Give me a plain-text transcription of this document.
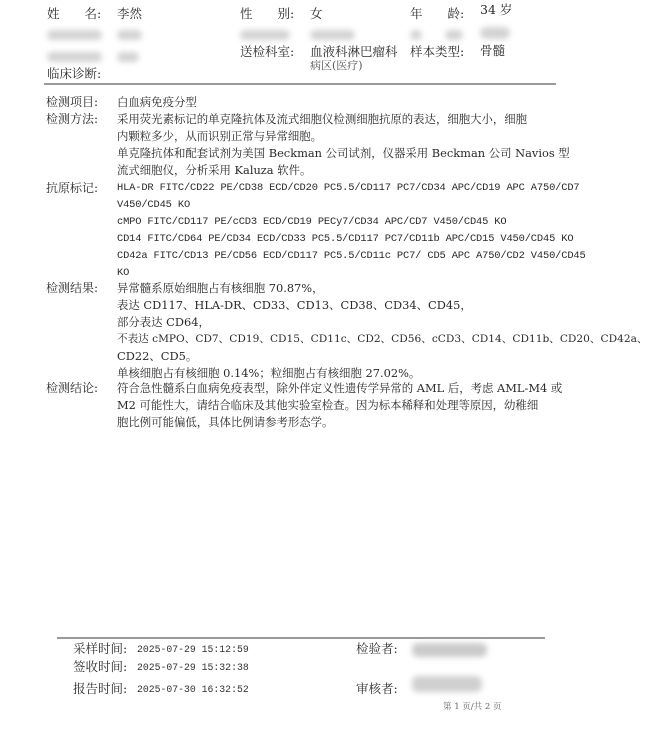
姓　　名: 李然	性　　别: 女	年　　龄: 34 岁
送检科室: 血液科淋巴瘤科
病区(医疗)
样本类型: 骨髓
临床诊断:
检测项目: 白血病免疫分型
检测方法: 采用荧光素标记的单克隆抗体及流式细胞仪检测细胞抗原的表达，细胞大小，细胞
内颗粒多少，从而识别正常与异常细胞。
单克隆抗体和配套试剂为美国 Beckman 公司试剂，仪器采用 Beckman 公司 Navios 型
流式细胞仪，分析采用 Kaluza 软件。
抗原标记: HLA-DR FITC/CD22 PE/CD38 ECD/CD20 PC5.5/CD117 PC7/CD34 APC/CD19 APC A750/CD7
V450/CD45 KO
cMPO FITC/CD117 PE/cCD3 ECD/CD19 PECy7/CD34 APC/CD7 V450/CD45 KO
CD14 FITC/CD64 PE/CD34 ECD/CD33 PC5.5/CD117 PC7/CD11b APC/CD15 V450/CD45 KO
CD42a FITC/CD13 PE/CD56 ECD/CD117 PC5.5/CD11c PC7/ CD5 APC A750/CD2 V450/CD45
KO
检测结果: 异常髓系原始细胞占有核细胞 70.87%，
表达 CD117、HLA-DR、CD33、CD13、CD38、CD34、CD45，
部分表达 CD64，
不表达 cMPO、CD7、CD19、CD15、CD11c、CD2、CD56、cCD3、CD14、CD11b、CD20、CD42a、
CD22、CD5。
单核细胞占有核细胞 0.14%；粒细胞占有核细胞 27.02%。
检测结论: 符合急性髓系白血病免疫表型，除外伴定义性遗传学异常的 AML 后，考虑 AML-M4 或
M2 可能性大，请结合临床及其他实验室检查。因为标本稀释和处理等原因，幼稚细
胞比例可能偏低，具体比例请参考形态学。
采样时间: 2025-07-29 15:12:59
签收时间: 2025-07-29 15:32:38
报告时间: 2025-07-30 16:32:52
检验者:
审核者:
第 1 页/共 2 页
